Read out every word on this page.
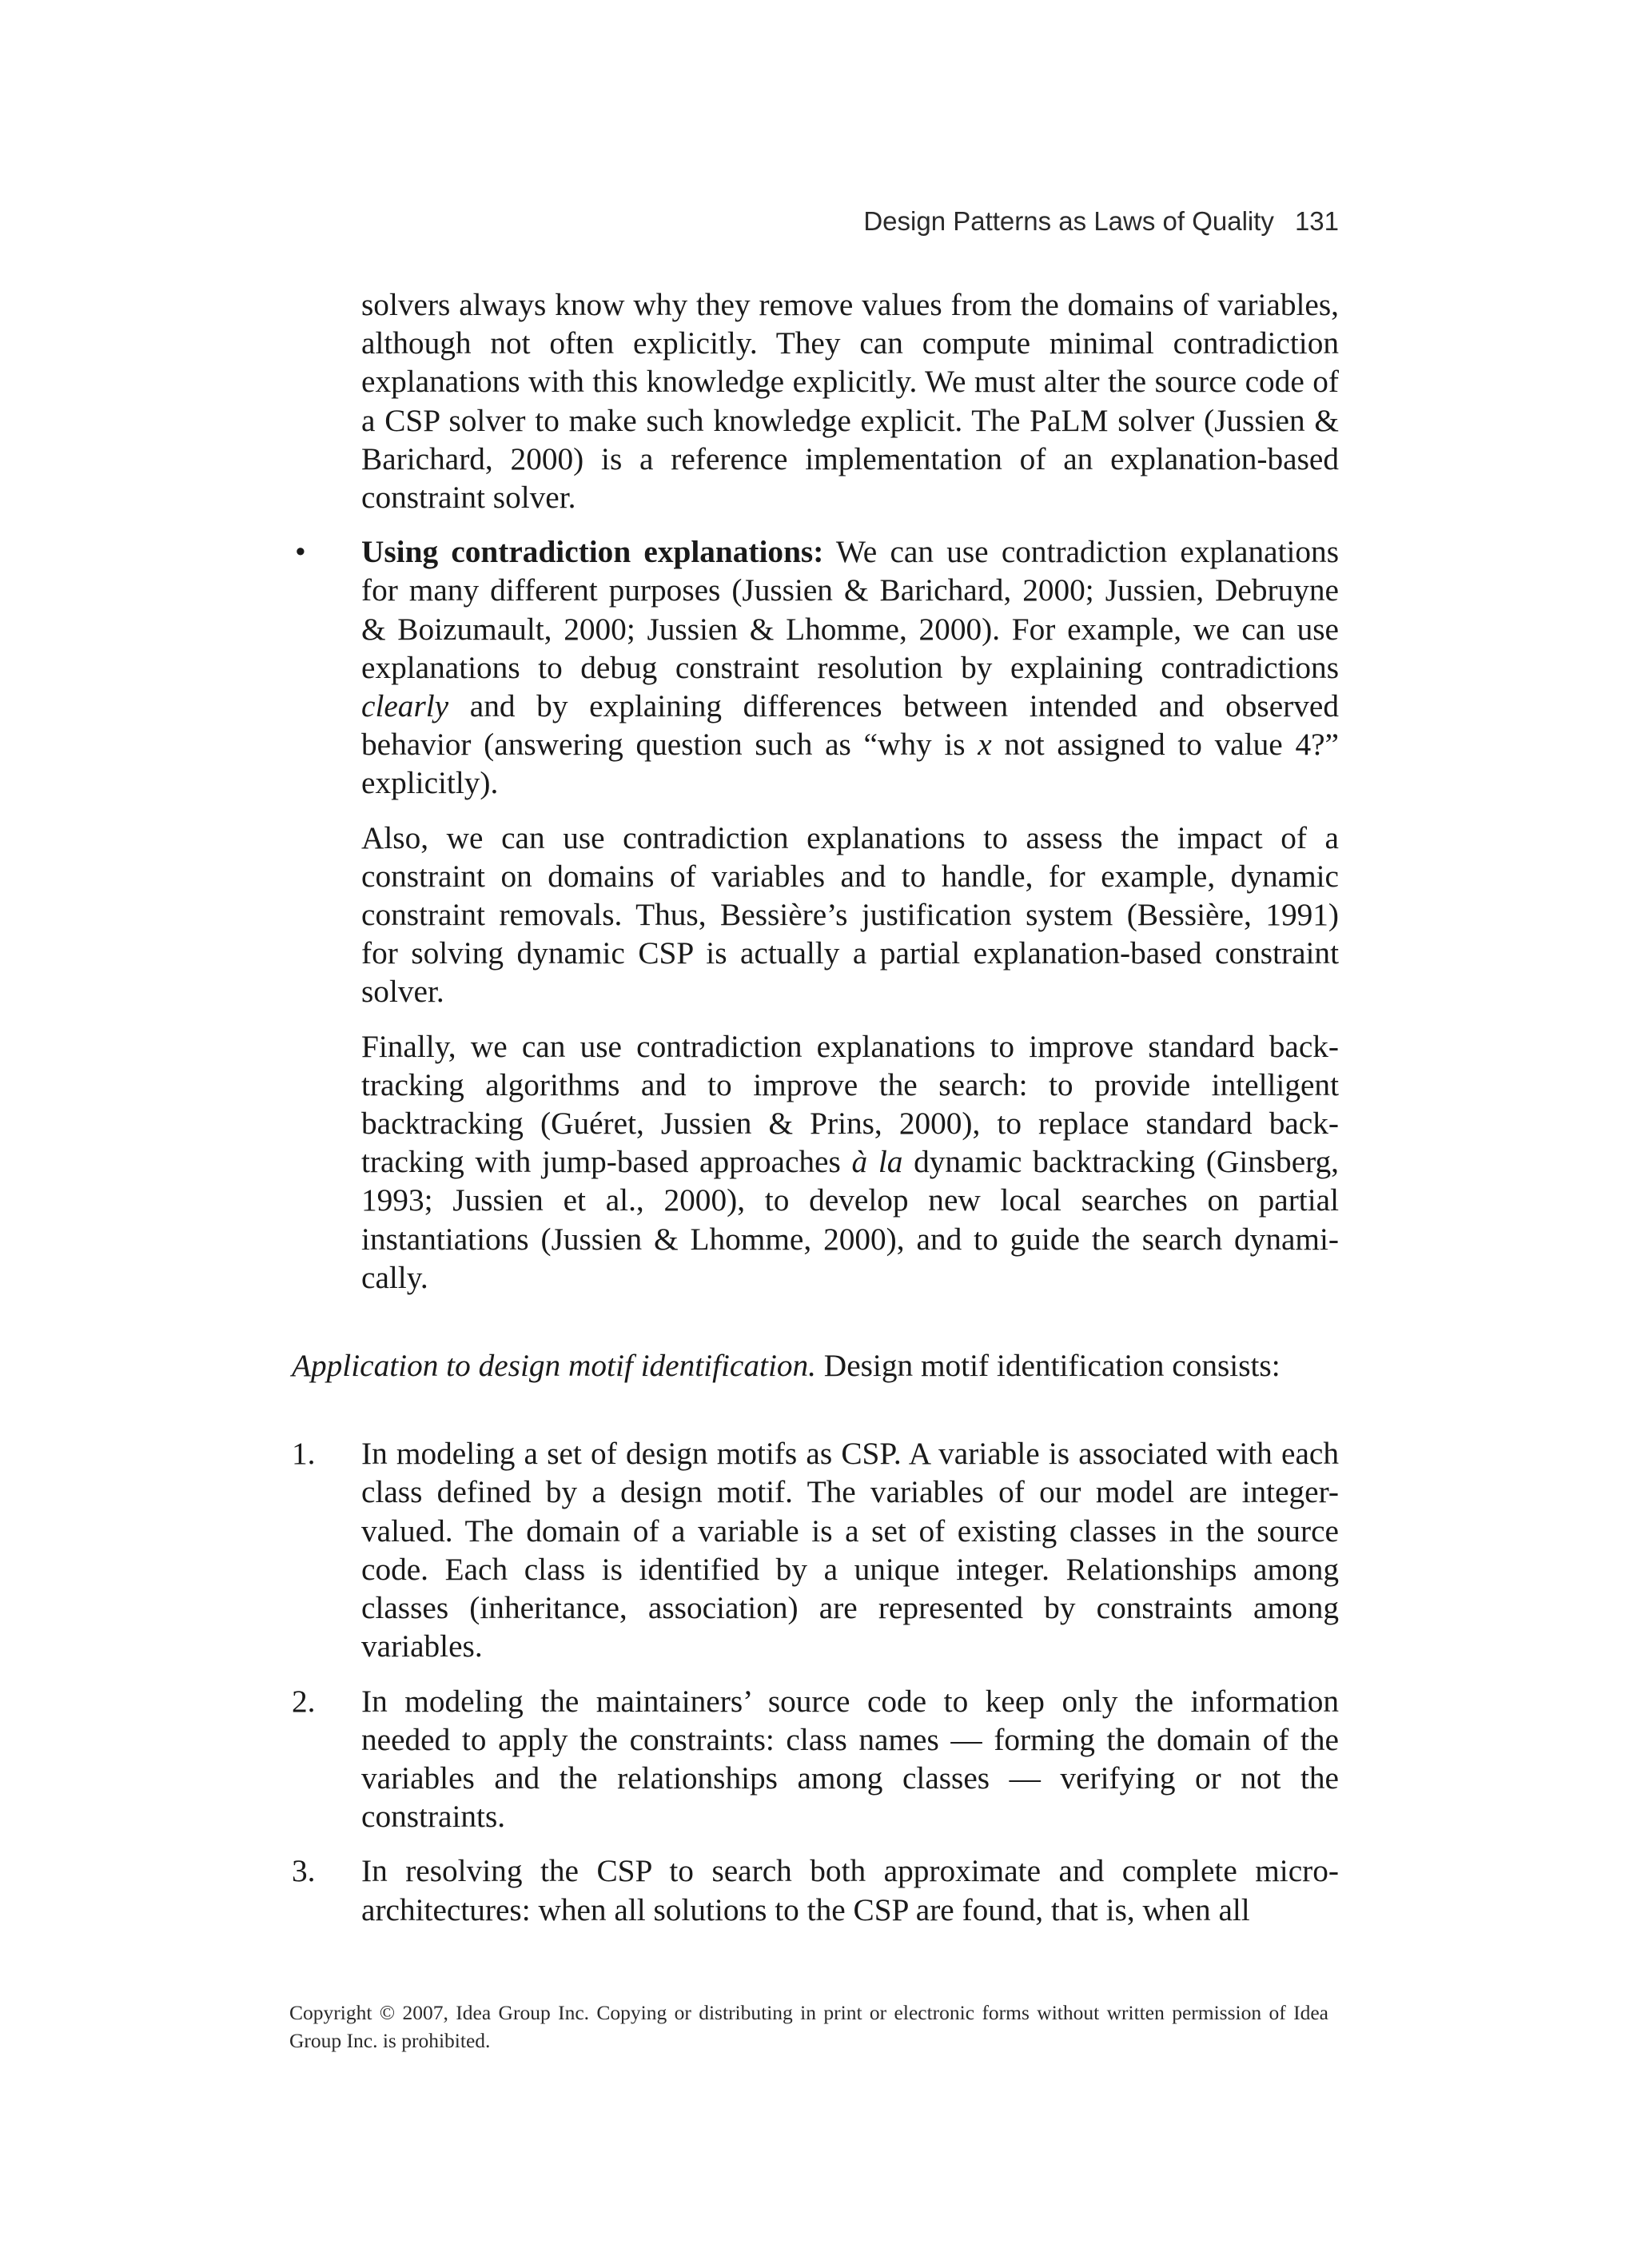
Design Patterns as Laws of Quality 131

solvers always know why they remove values from the domains of variables, although not often explicitly. They can compute minimal contradiction explanations with this knowledge explicitly. We must alter the source code of a CSP solver to make such knowledge explicit. The PaLM solver (Jussien & Barichard, 2000) is a reference implementation of an explanation-based constraint solver.

• Using contradiction explanations: We can use contradiction explanations for many different purposes (Jussien & Barichard, 2000; Jussien, Debruyne & Boizumault, 2000; Jussien & Lhomme, 2000). For example, we can use explanations to debug constraint resolution by explaining contradictions clearly and by explaining differences between intended and observed behavior (answering question such as “why is x not assigned to value 4?” explicitly).

Also, we can use contradiction explanations to assess the impact of a constraint on domains of variables and to handle, for example, dynamic constraint removals. Thus, Bessière’s justification system (Bessière, 1991) for solving dynamic CSP is actually a partial explanation-based constraint solver.

Finally, we can use contradiction explanations to improve standard backtracking algorithms and to improve the search: to provide intelligent backtracking (Guéret, Jussien & Prins, 2000), to replace standard backtracking with jump-based approaches à la dynamic backtracking (Ginsberg, 1993; Jussien et al., 2000), to develop new local searches on partial instantiations (Jussien & Lhomme, 2000), and to guide the search dynamically.

Application to design motif identification. Design motif identification consists:

1. In modeling a set of design motifs as CSP. A variable is associated with each class defined by a design motif. The variables of our model are integer-valued. The domain of a variable is a set of existing classes in the source code. Each class is identified by a unique integer. Relationships among classes (inheritance, association) are represented by constraints among variables.

2. In modeling the maintainers’ source code to keep only the information needed to apply the constraints: class names — forming the domain of the variables and the relationships among classes — verifying or not the constraints.

3. In resolving the CSP to search both approximate and complete micro-architectures: when all solutions to the CSP are found, that is, when all

Copyright © 2007, Idea Group Inc. Copying or distributing in print or electronic forms without written permission of Idea Group Inc. is prohibited.
